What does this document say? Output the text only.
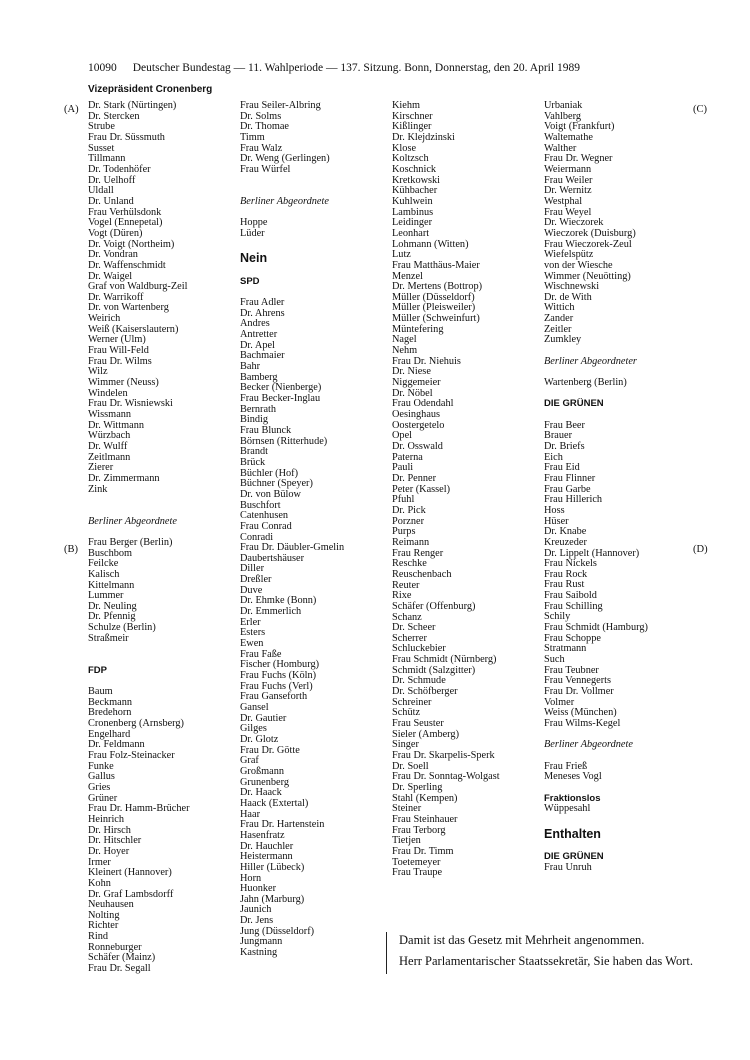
10090 Deutscher Bundestag — 11. Wahlperiode — 137. Sitzung. Bonn, Donnerstag, den 20. April 1989
Vizepräsident Cronenberg
(A)
(B)
(C)
(D)
Dr. Stark (Nürtingen)
Dr. Stercken
Strube
Frau Dr. Süssmuth
Susset
Tillmann
Dr. Todenhöfer
Dr. Uelhoff
Uldall
Dr. Unland
Frau Verhülsdonk
Vogel (Ennepetal)
Vogt (Düren)
Dr. Voigt (Northeim)
Dr. Vondran
Dr. Waffenschmidt
Dr. Waigel
Graf von Waldburg-Zeil
Dr. Warrikoff
Dr. von Wartenberg
Weirich
Weiß (Kaiserslautern)
Werner (Ulm)
Frau Will-Feld
Frau Dr. Wilms
Wilz
Wimmer (Neuss)
Windelen
Frau Dr. Wisniewski
Wissmann
Dr. Wittmann
Würzbach
Dr. Wulff
Zeitlmann
Zierer
Dr. Zimmermann
Zink
Berliner Abgeordnete
Frau Berger (Berlin)
Buschbom
Feilcke
Kalisch
Kittelmann
Lummer
Dr. Neuling
Dr. Pfennig
Schulze (Berlin)
Straßmeir
FDP
Baum
Beckmann
Bredehorn
Cronenberg (Arnsberg)
Engelhard
Dr. Feldmann
Frau Folz-Steinacker
Funke
Gallus
Gries
Grüner
Frau Dr. Hamm-Brücher
Heinrich
Dr. Hirsch
Dr. Hitschler
Dr. Hoyer
Irmer
Kleinert (Hannover)
Kohn
Dr. Graf Lambsdorff
Neuhausen
Nolting
Richter
Rind
Ronneburger
Schäfer (Mainz)
Frau Dr. Segall
Frau Seiler-Albring
Dr. Solms
Dr. Thomae
Timm
Frau Walz
Dr. Weng (Gerlingen)
Frau Würfel
Berliner Abgeordnete
Hoppe
Lüder
Nein
SPD
Frau Adler
Dr. Ahrens
Andres
Antretter
Dr. Apel
Bachmaier
Bahr
Bamberg
Becker (Nienberge)
Frau Becker-Inglau
Bernrath
Bindig
Frau Blunck
Börnsen (Ritterhude)
Brandt
Brück
Büchler (Hof)
Büchner (Speyer)
Dr. von Bülow
Buschfort
Catenhusen
Frau Conrad
Conradi
Frau Dr. Däubler-Gmelin
Daubertshäuser
Diller
Dreßler
Duve
Dr. Ehmke (Bonn)
Dr. Emmerlich
Erler
Esters
Ewen
Frau Faße
Fischer (Homburg)
Frau Fuchs (Köln)
Frau Fuchs (Verl)
Frau Ganseforth
Gansel
Dr. Gautier
Gilges
Dr. Glotz
Frau Dr. Götte
Graf
Großmann
Grunenberg
Dr. Haack
Haack (Extertal)
Haar
Frau Dr. Hartenstein
Hasenfratz
Dr. Hauchler
Heistermann
Hiller (Lübeck)
Horn
Huonker
Jahn (Marburg)
Jaunich
Dr. Jens
Jung (Düsseldorf)
Jungmann
Kastning
Kiehm
Kirschner
Kißlinger
Dr. Klejdzinski
Klose
Koltzsch
Koschnick
Kretkowski
Kühbacher
Kuhlwein
Lambinus
Leidinger
Leonhart
Lohmann (Witten)
Lutz
Frau Matthäus-Maier
Menzel
Dr. Mertens (Bottrop)
Müller (Düsseldorf)
Müller (Pleisweiler)
Müller (Schweinfurt)
Müntefering
Nagel
Nehm
Frau Dr. Niehuis
Dr. Niese
Niggemeier
Dr. Nöbel
Frau Odendahl
Oesinghaus
Oostergetelo
Opel
Dr. Osswald
Paterna
Pauli
Dr. Penner
Peter (Kassel)
Pfuhl
Dr. Pick
Porzner
Purps
Reimann
Frau Renger
Reschke
Reuschenbach
Reuter
Rixe
Schäfer (Offenburg)
Schanz
Dr. Scheer
Scherrer
Schluckebier
Frau Schmidt (Nürnberg)
Schmidt (Salzgitter)
Dr. Schmude
Dr. Schöfberger
Schreiner
Schütz
Frau Seuster
Sieler (Amberg)
Singer
Frau Dr. Skarpelis-Sperk
Dr. Soell
Frau Dr. Sonntag-Wolgast
Dr. Sperling
Stahl (Kempen)
Steiner
Frau Steinhauer
Frau Terborg
Tietjen
Frau Dr. Timm
Toetemeyer
Frau Traupe
Urbaniak
Vahlberg
Voigt (Frankfurt)
Waltemathe
Walther
Frau Dr. Wegner
Weiermann
Frau Weiler
Dr. Wernitz
Westphal
Frau Weyel
Dr. Wieczorek
Wieczorek (Duisburg)
Frau Wieczorek-Zeul
Wiefelspütz
von der Wiesche
Wimmer (Neuötting)
Wischnewski
Dr. de With
Wittich
Zander
Zeitler
Zumkley
Berliner Abgeordneter
Wartenberg (Berlin)
DIE GRÜNEN
Frau Beer
Brauer
Dr. Briefs
Eich
Frau Eid
Frau Flinner
Frau Garbe
Frau Hillerich
Hoss
Hüser
Dr. Knabe
Kreuzeder
Dr. Lippelt (Hannover)
Frau Nickels
Frau Rock
Frau Rust
Frau Saibold
Frau Schilling
Schily
Frau Schmidt (Hamburg)
Frau Schoppe
Stratmann
Such
Frau Teubner
Frau Vennegerts
Frau Dr. Vollmer
Volmer
Weiss (München)
Frau Wilms-Kegel
Berliner Abgeordnete
Frau Frieß
Meneses Vogl
Fraktionslos
Wüppesahl
Enthalten
DIE GRÜNEN
Frau Unruh

Damit ist das Gesetz mit Mehrheit angenommen.

Herr Parlamentarischer Staatssekretär, Sie haben das Wort.
